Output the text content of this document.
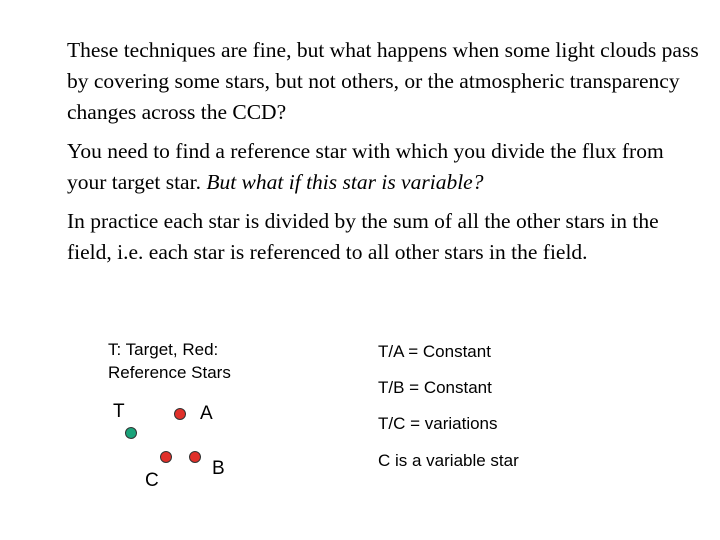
These techniques are fine, but what happens when some light clouds pass by covering some stars, but not others, or the atmospheric transparency changes across the CCD?

You need to find a reference star with which you divide the flux from your target star. But what if this star is variable?

In practice each star is divided by the sum of all the other stars in the field, i.e. each star is referenced to all other stars in the field.

T: Target, Red:
Reference Stars
T	A
B
C
T/A = Constant
T/B = Constant
T/C = variations
C is a variable star
